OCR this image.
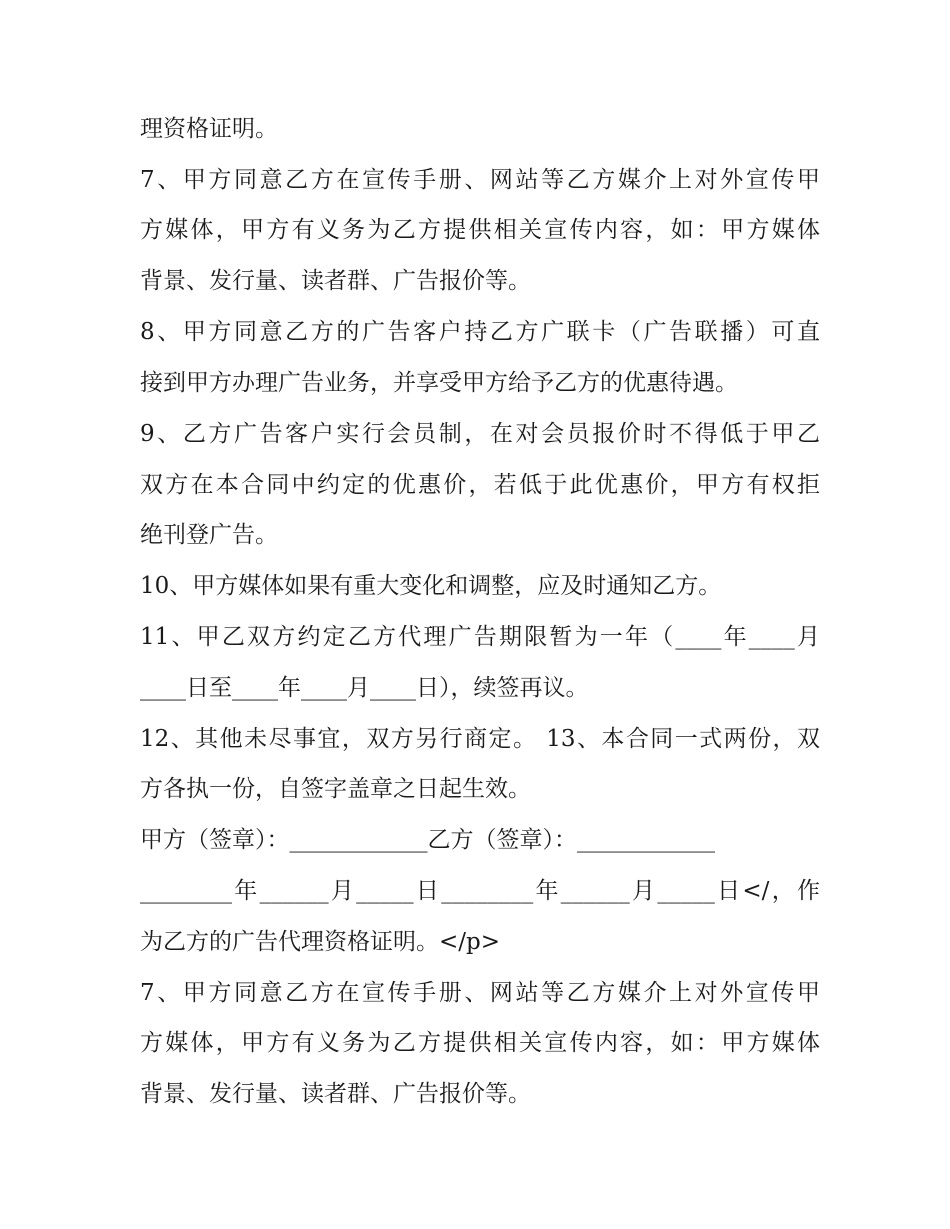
理资格证明。
7、甲方同意乙方在宣传手册、网站等乙方媒介上对外宣传甲
方媒体，甲方有义务为乙方提供相关宣传内容，如：甲方媒体
背景、发行量、读者群、广告报价等。
8、甲方同意乙方的广告客户持乙方广联卡（广告联播）可直
接到甲方办理广告业务，并享受甲方给予乙方的优惠待遇。
9、乙方广告客户实行会员制，在对会员报价时不得低于甲乙
双方在本合同中约定的优惠价，若低于此优惠价，甲方有权拒
绝刊登广告。
10、甲方媒体如果有重大变化和调整，应及时通知乙方。
11、甲乙双方约定乙方代理广告期限暂为一年（____年____月
____日至____年____月____日），续签再议。
12、其他未尽事宜，双方另行商定。 13、本合同一式两份，双
方各执一份，自签字盖章之日起生效。
甲方（签章）：____________乙方（签章）：____________
________年______月_____日________年______月_____日</，作
为乙方的广告代理资格证明。</p>
7、甲方同意乙方在宣传手册、网站等乙方媒介上对外宣传甲
方媒体，甲方有义务为乙方提供相关宣传内容，如：甲方媒体
背景、发行量、读者群、广告报价等。
